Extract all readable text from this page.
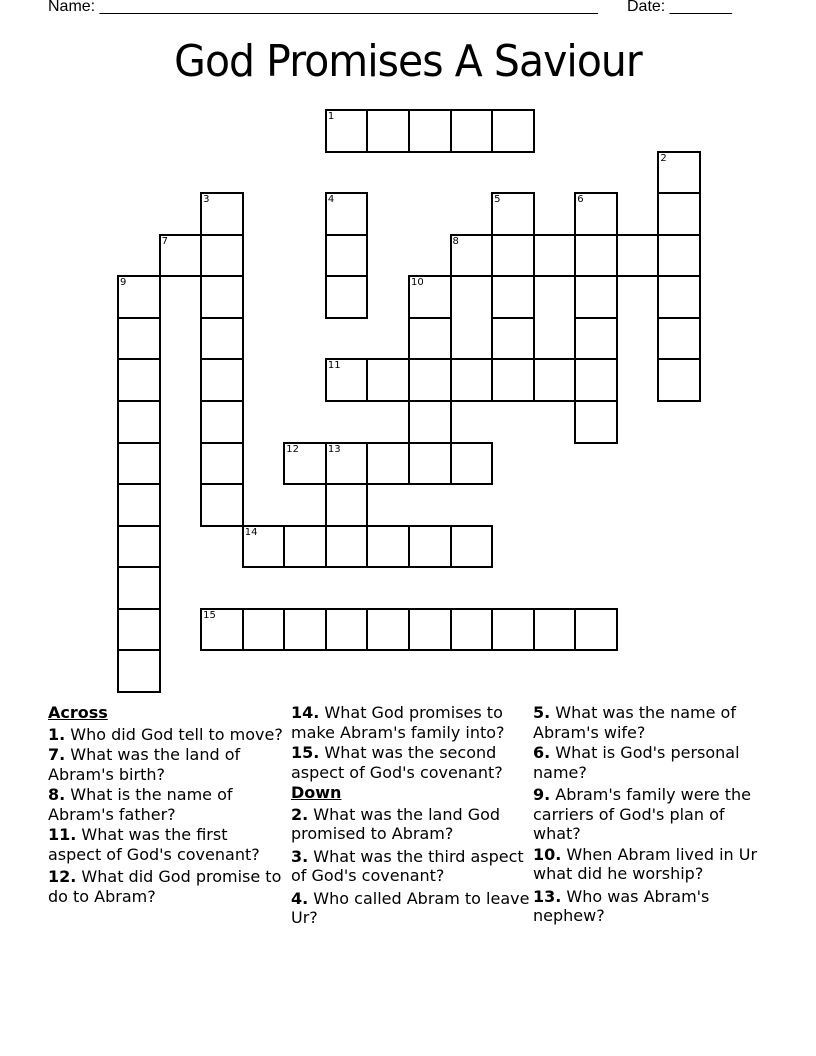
Name: ________________________________________________________ Date: _______
God Promises A Saviour
1
2
3	4	5	6
7	8
9	10
11
12	13
14
15
Across
1. Who did God tell to move?
7. What was the land of Abram's birth?
8. What is the name of Abram's father?
11. What was the first aspect of God's covenant?
12. What did God promise to do to Abram?
14. What God promises to make Abram's family into?
15. What was the second aspect of God's covenant?
Down
2. What was the land God promised to Abram?
3. What was the third aspect of God's covenant?
4. Who called Abram to leave Ur?
5. What was the name of Abram's wife?
6. What is God's personal name?
9. Abram's family were the carriers of God's plan of what?
10. When Abram lived in Ur what did he worship?
13. Who was Abram's nephew?
